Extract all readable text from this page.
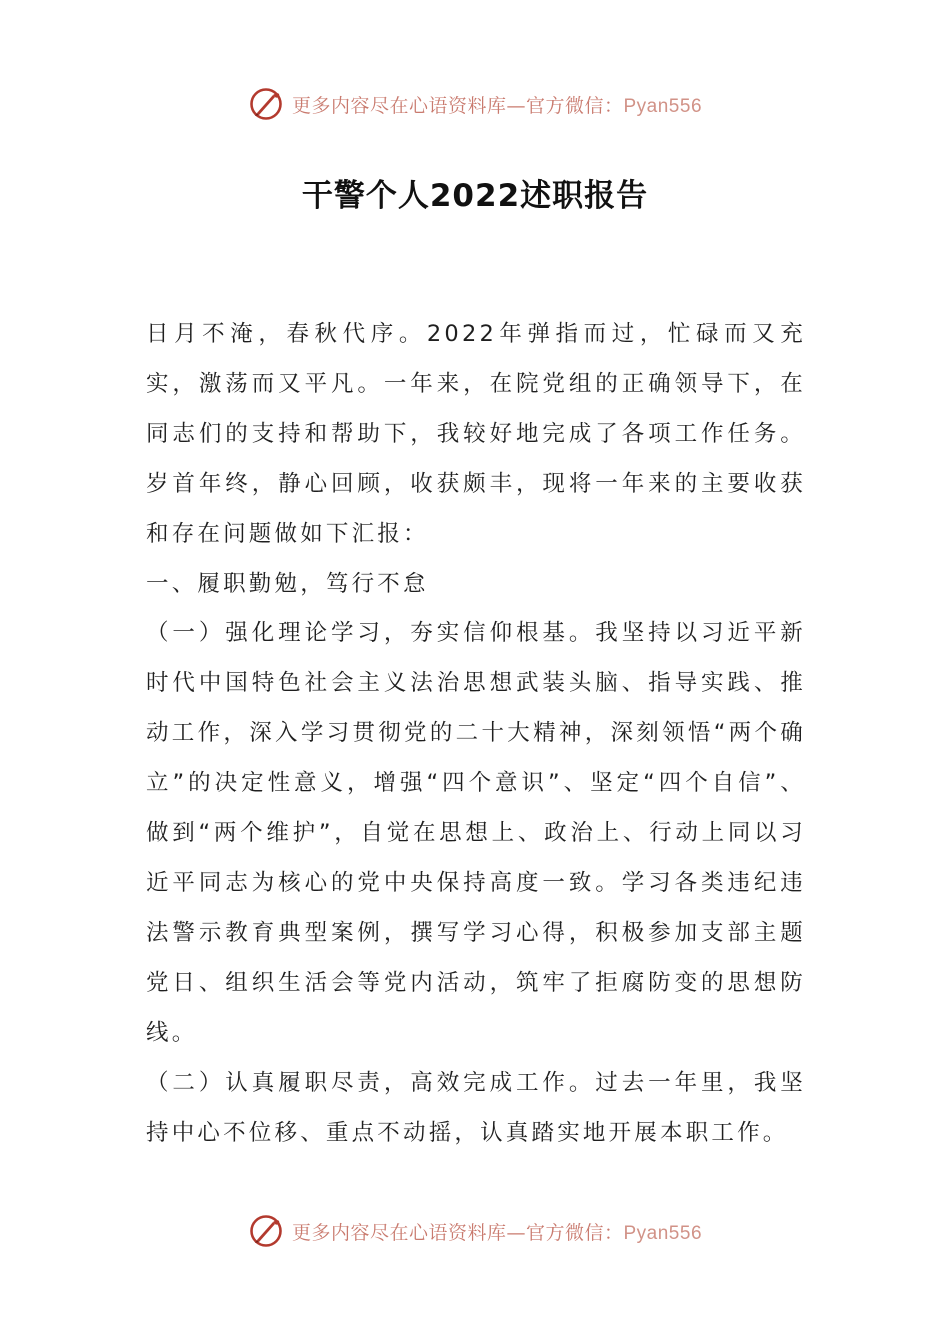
更多内容尽在心语资料库—官方微信：Pyan556
干警个人2022述职报告

日月不淹，春秋代序。2022年弹指而过，忙碌而又充实，激荡而又平凡。一年来，在院党组的正确领导下，在同志们的支持和帮助下，我较好地完成了各项工作任务。岁首年终，静心回顾，收获颇丰，现将一年来的主要收获和存在问题做如下汇报：

一、履职勤勉，笃行不怠

（一）强化理论学习，夯实信仰根基。我坚持以习近平新时代中国特色社会主义法治思想武装头脑、指导实践、推动工作，深入学习贯彻党的二十大精神，深刻领悟“两个确立”的决定性意义，增强“四个意识”、坚定“四个自信”、做到“两个维护”，自觉在思想上、政治上、行动上同以习近平同志为核心的党中央保持高度一致。学习各类违纪违法警示教育典型案例，撰写学习心得，积极参加支部主题党日、组织生活会等党内活动，筑牢了拒腐防变的思想防线。

（二）认真履职尽责，高效完成工作。过去一年里，我坚持中心不位移、重点不动摇，认真踏实地开展本职工作。

更多内容尽在心语资料库—官方微信：Pyan556
